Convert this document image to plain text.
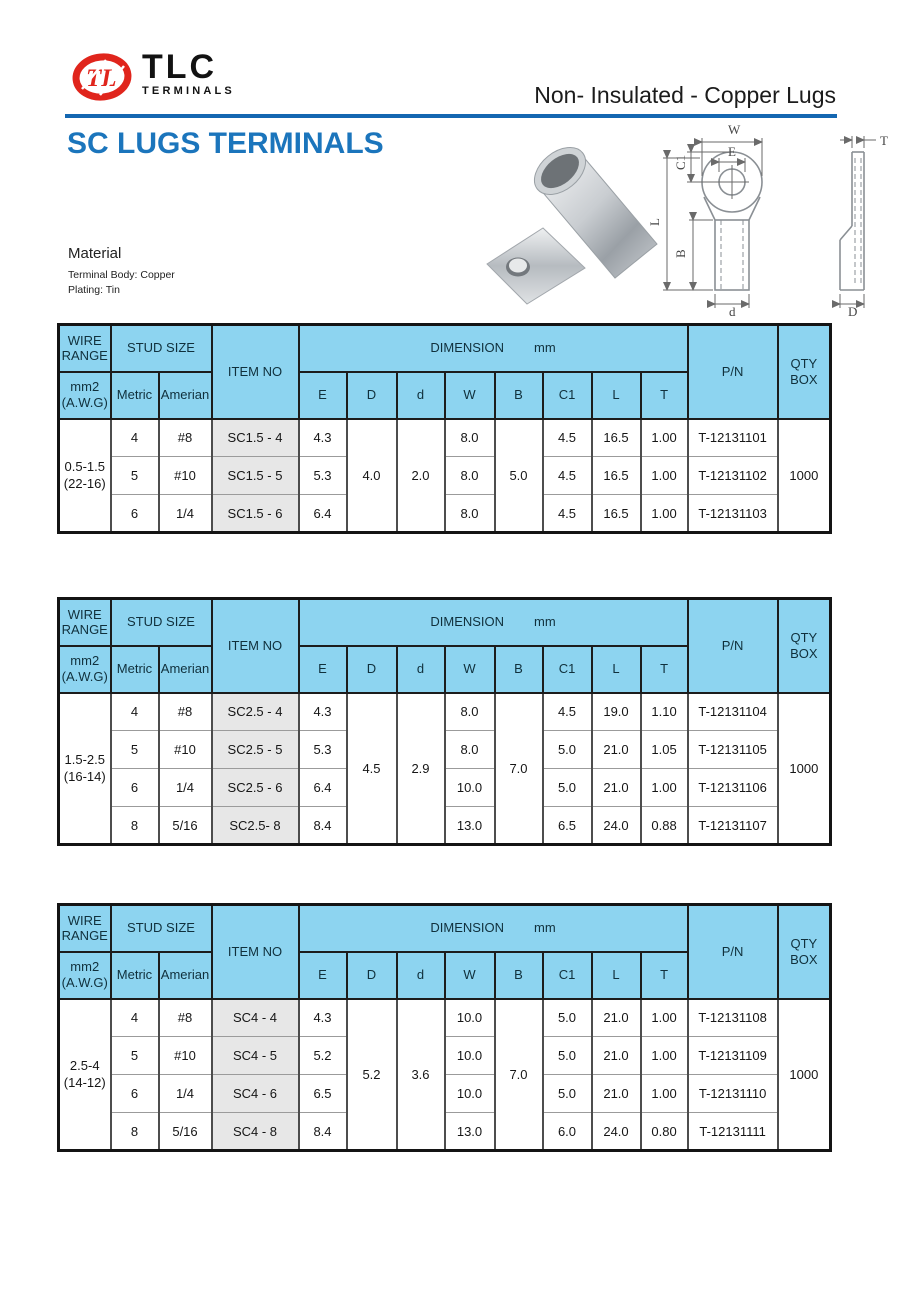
TL TLC
TERMINALS	Non- Insulated - Copper Lugs
SC LUGS TERMINALS
Material
Terminal Body: Copper
Plating: Tin
W
E
C1
L
B
d
T
D
WIRE RANGE	STUD SIZE		ITEM NO	DIMENSION mm								P/N	QTY BOX

mm2
(A.W.G)	Metric	Amerian		E	D	d	W	B	C1	L	T		

0.5-1.5
(22-16)	4	#8	SC1.5 - 4	4.3	4.0	2.0	8.0	5.0	4.5	16.5	1.00	T-12131101	1000
	5	#10	SC1.5 - 5	5.3			8.0		4.5	16.5	1.00	T-12131102	
	6	1/4	SC1.5 - 6	6.4			8.0		4.5	16.5	1.00	T-12131103	
WIRE RANGE	STUD SIZE		ITEM NO	DIMENSION mm								P/N	QTY BOX

mm2
(A.W.G)	Metric	Amerian		E	D	d	W	B	C1	L	T		

1.5-2.5
(16-14)	4	#8	SC2.5 - 4	4.3	4.5	2.9	8.0	7.0	4.5	19.0	1.10	T-12131104	1000
	5	#10	SC2.5 - 5	5.3			8.0		5.0	21.0	1.05	T-12131105	
	6	1/4	SC2.5 - 6	6.4			10.0		5.0	21.0	1.00	T-12131106	
	8	5/16	SC2.5- 8	8.4			13.0		6.5	24.0	0.88	T-12131107	
WIRE RANGE	STUD SIZE		ITEM NO	DIMENSION mm								P/N	QTY BOX

mm2
(A.W.G)	Metric	Amerian		E	D	d	W	B	C1	L	T		

2.5-4
(14-12)	4	#8	SC4 - 4	4.3	5.2	3.6	10.0	7.0	5.0	21.0	1.00	T-12131108	1000
	5	#10	SC4 - 5	5.2			10.0		5.0	21.0	1.00	T-12131109	
	6	1/4	SC4 - 6	6.5			10.0		5.0	21.0	1.00	T-12131110	
	8	5/16	SC4 - 8	8.4			13.0		6.0	24.0	0.80	T-12131111	
